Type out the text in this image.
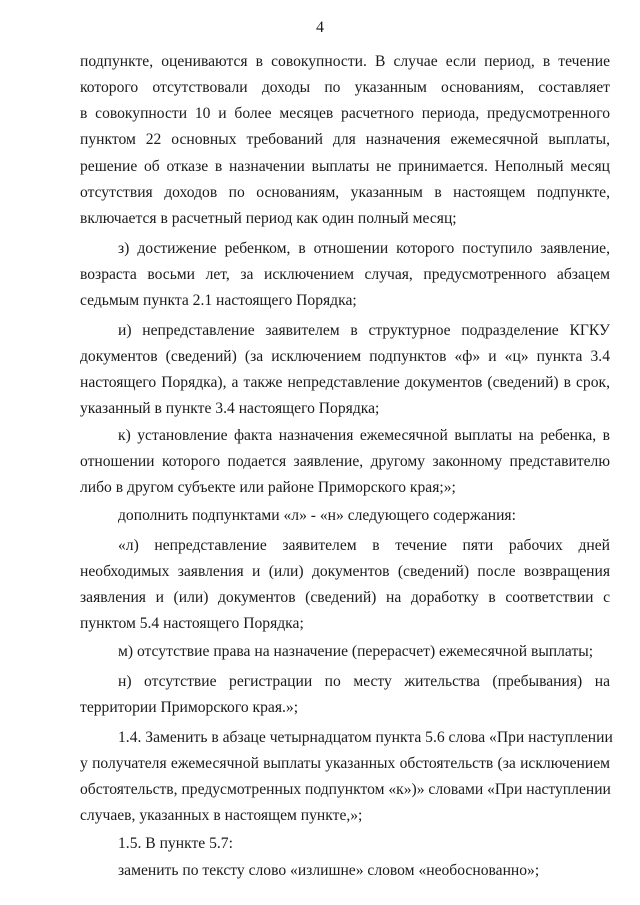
4
подпункте, оцениваются в совокупности. В случае если период, в течение
которого отсутствовали доходы по указанным основаниям, составляет
в совокупности 10 и более месяцев расчетного периода, предусмотренного
пунктом 22 основных требований для назначения ежемесячной выплаты,
решение об отказе в назначении выплаты не принимается. Неполный месяц
отсутствия доходов по основаниям, указанным в настоящем подпункте,
включается в расчетный период как один полный месяц;
з) достижение ребенком, в отношении которого поступило заявление,
возраста восьми лет, за исключением случая, предусмотренного абзацем
седьмым пункта 2.1 настоящего Порядка;
и) непредставление заявителем в структурное подразделение КГКУ
документов (сведений) (за исключением подпунктов «ф» и «ц» пункта 3.4
настоящего Порядка), а также непредставление документов (сведений) в срок,
указанный в пункте 3.4 настоящего Порядка;
к) установление факта назначения ежемесячной выплаты на ребенка, в
отношении которого подается заявление, другому законному представителю
либо в другом субъекте или районе Приморского края;»;
дополнить подпунктами «л» - «н» следующего содержания:
«л) непредставление заявителем в течение пяти рабочих дней
необходимых заявления и (или) документов (сведений) после возвращения
заявления и (или) документов (сведений) на доработку в соответствии с
пунктом 5.4 настоящего Порядка;
м) отсутствие права на назначение (перерасчет) ежемесячной выплаты;
н) отсутствие регистрации по месту жительства (пребывания) на
территории Приморского края.»;
1.4. Заменить в абзаце четырнадцатом пункта 5.6 слова «При наступлении
у получателя ежемесячной выплаты указанных обстоятельств (за исключением
обстоятельств, предусмотренных подпунктом «к»)» словами «При наступлении
случаев, указанных в настоящем пункте,»;
1.5. В пункте 5.7:
заменить по тексту слово «излишне» словом «необоснованно»;
